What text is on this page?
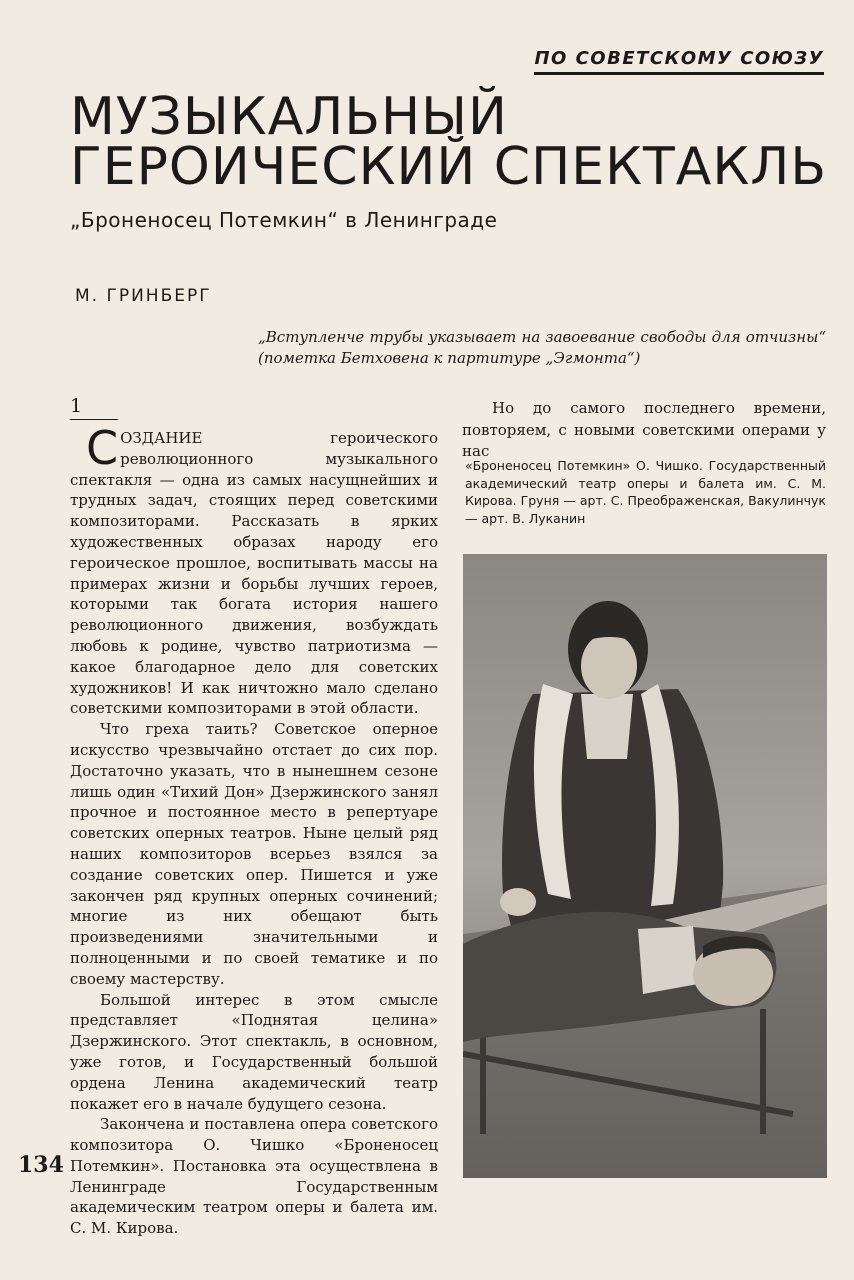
ПО СОВЕТСКОМУ СОЮЗУ
МУЗЫКАЛЬНЫЙ ГЕРОИЧЕСКИЙ СПЕКТАКЛЬ
„Броненосец Потемкин“ в Ленинграде
М. ГРИНБЕРГ
„Вступленче трубы указывает на завоевание свободы для отчизны“ (пометка Бетховена к партитуре „Эгмонта“)
1

СОЗДАНИЕ героического революционного музыкального спектакля — одна из самых насущнейших и трудных задач, стоящих перед советскими композиторами. Рассказать в ярких художественных образах народу его героическое прошлое, воспитывать массы на примерах жизни и борьбы лучших героев, которыми так богата история нашего революционного движения, возбуждать любовь к родине, чувство патриотизма — какое благодарное дело для советских художников! И как ничтожно мало сделано советскими композиторами в этой области.

Что греха таить? Советское оперное искусство чрезвычайно отстает до сих пор. Достаточно указать, что в нынешнем сезоне лишь один «Тихий Дон» Дзержинского занял прочное и постоянное место в репертуаре советских оперных театров. Ныне целый ряд наших композиторов всерьез взялся за создание советских опер. Пишется и уже закончен ряд крупных оперных сочинений; многие из них обещают быть произведениями значительными и полноценными и по своей тематике и по своему мастерству.

Большой интерес в этом смысле представляет «Поднятая целина» Дзержинского. Этот спектакль, в основном, уже готов, и Государственный большой ордена Ленина академический театр покажет его в начале будущего сезона.

Закончена и поставлена опера советского композитора О. Чишко «Броненосец Потемкин». Постановка эта осуществлена в Ленинграде Государственным академическим театром оперы и балета им. С. М. Кирова.

134

Но до самого последнего времени, повторяем, с новыми советскими операми у нас

«Броненосец Потемкин» О. Чишко. Государственный академический театр оперы и балета им. С. М. Кирова. Груня — арт. С. Преображенская, Вакулинчук — арт. В. Луканин
